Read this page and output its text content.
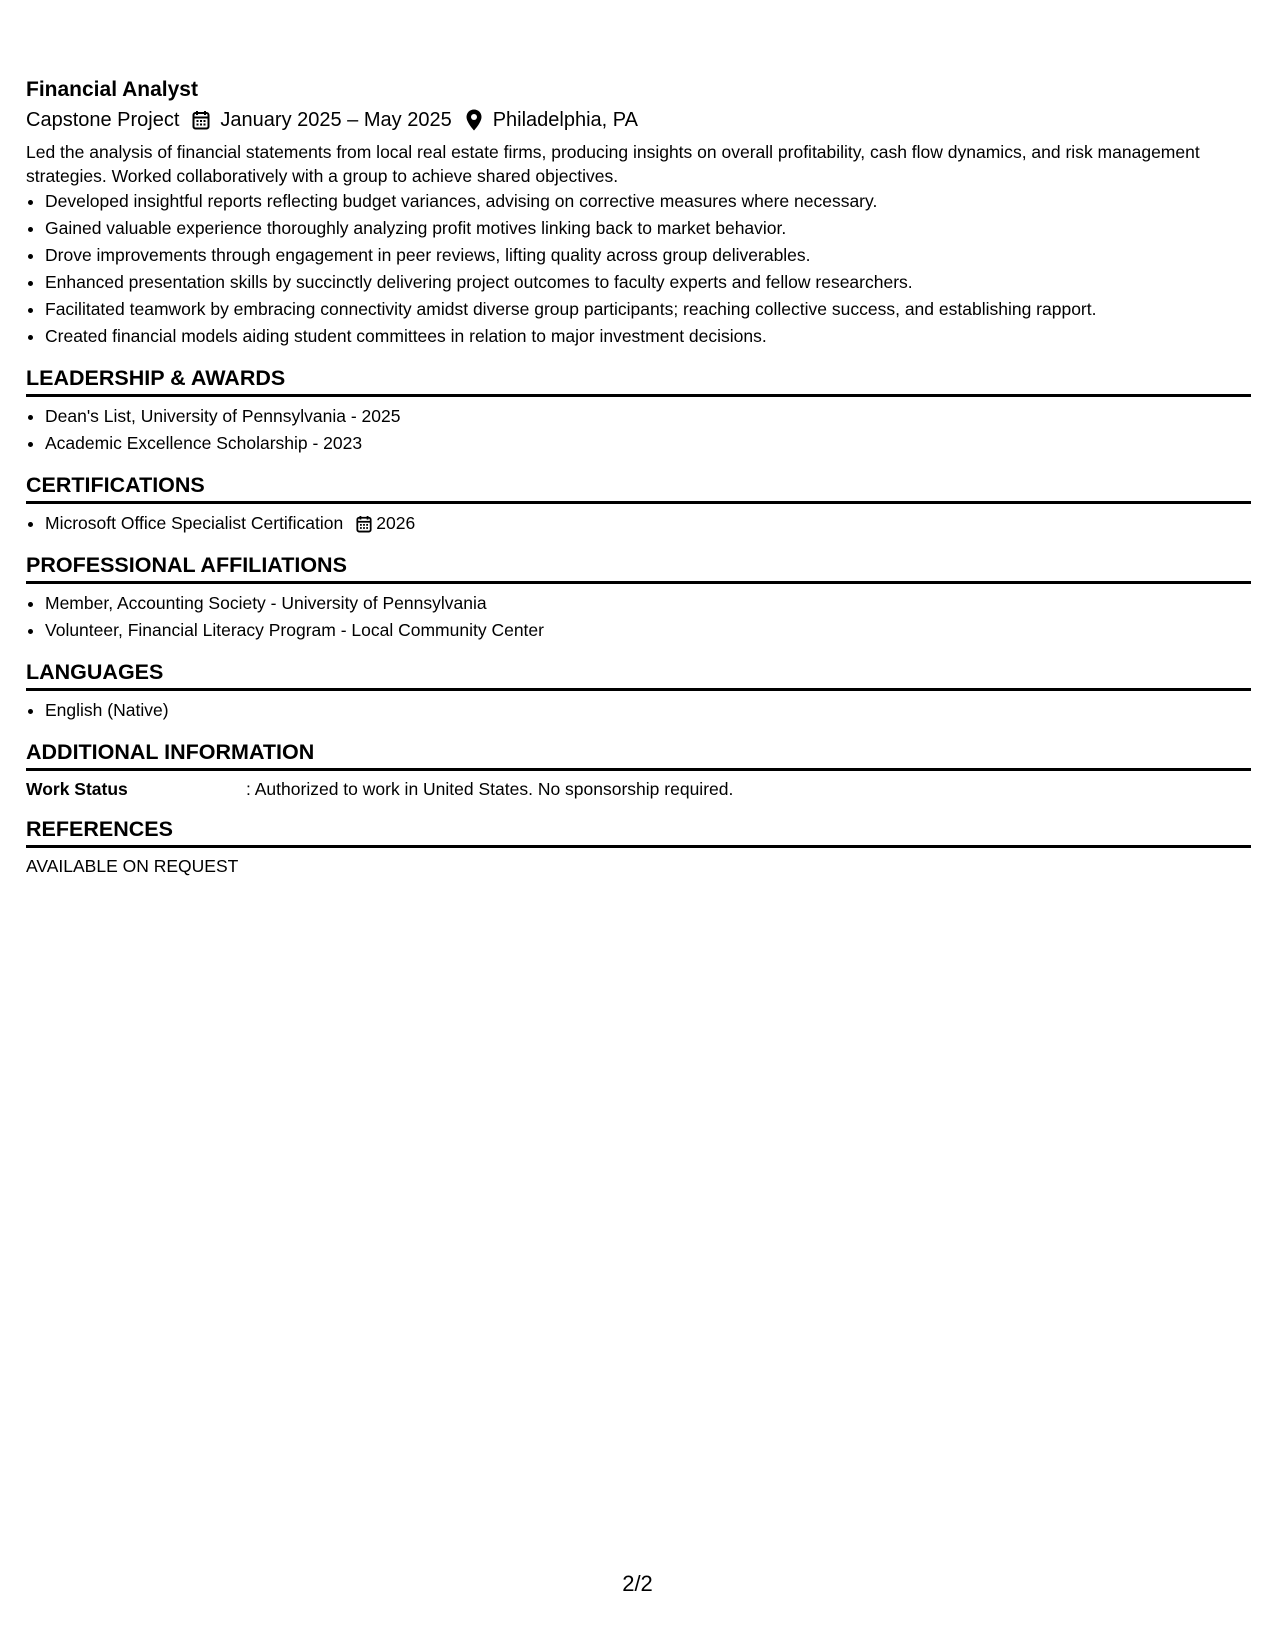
Financial Analyst
Capstone Project January 2025 – May 2025 Philadelphia, PA
Led the analysis of financial statements from local real estate firms, producing insights on overall profitability, cash flow dynamics, and risk management strategies. Worked collaboratively with a group to achieve shared objectives.
• Developed insightful reports reflecting budget variances, advising on corrective measures where necessary.
• Gained valuable experience thoroughly analyzing profit motives linking back to market behavior.
• Drove improvements through engagement in peer reviews, lifting quality across group deliverables.
• Enhanced presentation skills by succinctly delivering project outcomes to faculty experts and fellow researchers.
• Facilitated teamwork by embracing connectivity amidst diverse group participants; reaching collective success, and establishing rapport.
• Created financial models aiding student committees in relation to major investment decisions.
LEADERSHIP & AWARDS
• Dean's List, University of Pennsylvania - 2025
• Academic Excellence Scholarship - 2023
CERTIFICATIONS
• Microsoft Office Specialist Certification 2026
PROFESSIONAL AFFILIATIONS
• Member, Accounting Society - University of Pennsylvania
• Volunteer, Financial Literacy Program - Local Community Center
LANGUAGES
• English (Native)
ADDITIONAL INFORMATION
Work Status	: Authorized to work in United States. No sponsorship required.
REFERENCES
AVAILABLE ON REQUEST
2/2
